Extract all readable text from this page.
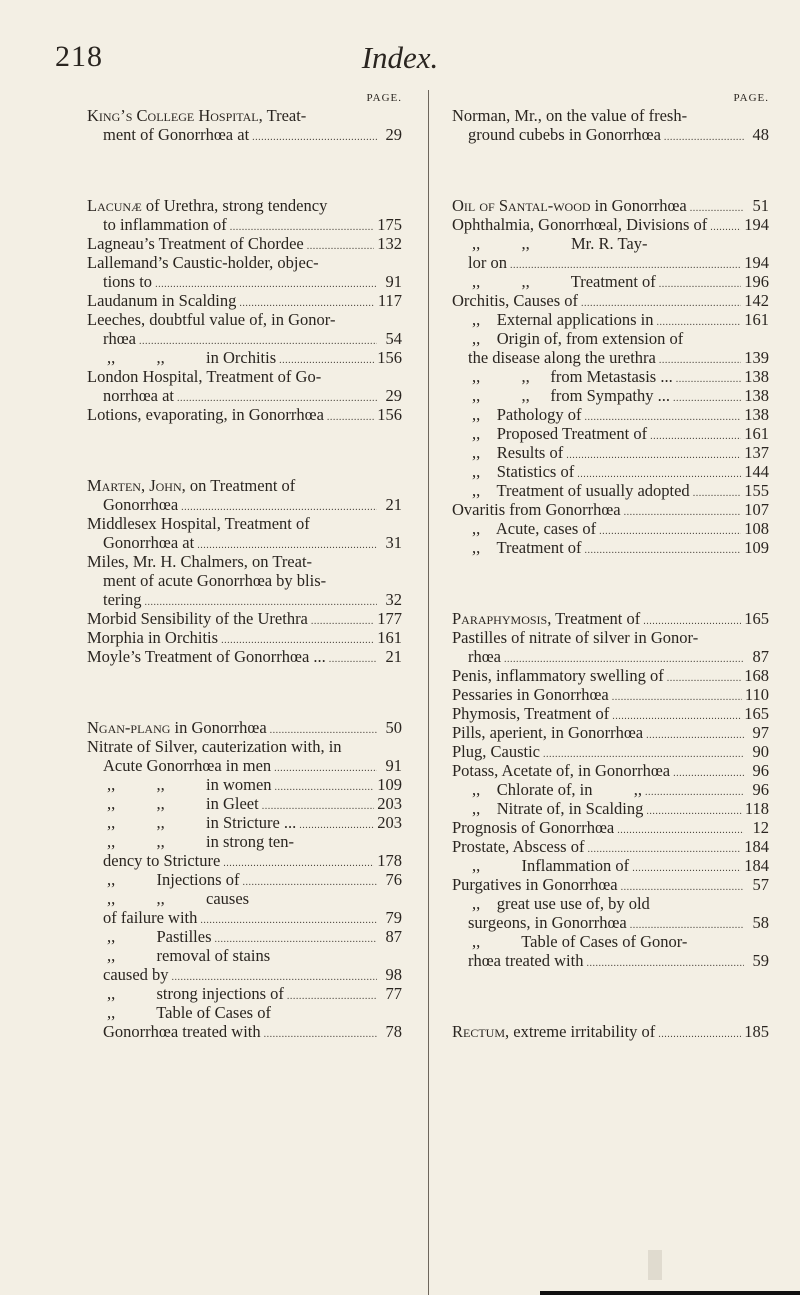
218	Index.
PAGE.
King’s College Hospital, Treat-
ment of Gonorrhœa at . . .	29
Lacunæ of Urethra, strong tendency
to inflammation of . . .	175
Lagneau’s Treatment of Chordee . . .	132
Lallemand’s Caustic-holder, objec-
tions to . . .	91
Laudanum in Scalding . . .	117
Leeches, doubtful value of, in Gonor-
rhœa . . .	54
,,          ,,          in Orchitis . . .	156
London Hospital, Treatment of Go-
norrhœa at . . .	29
Lotions, evaporating, in Gonorrhœa . . .	156
Marten, John, on Treatment of
Gonorrhœa . . .	21
Middlesex Hospital, Treatment of
Gonorrhœa at . . .	31
Miles, Mr. H. Chalmers, on Treat-
ment of acute Gonorrhœa by blis-
tering . . .	32
Morbid Sensibility of the Urethra . . .	177
Morphia in Orchitis . . .	161
Moyle’s Treatment of Gonorrhœa ... . . .	21
Ngan-plang in Gonorrhœa . . .	50
Nitrate of Silver, cauterization with, in
Acute Gonorrhœa in men . . .	91
,,          ,,          in women . . .	109
,,          ,,          in Gleet . . .	203
,,          ,,          in Stricture ... . . .	203
,,          ,,          in strong ten-
dency to Stricture . . .	178
,,          Injections of . . .	76
,,          ,,          causes
of failure with . . .	79
,,          Pastilles . . .	87
,,          removal of stains
caused by . . .	98
,,          strong injections of . . .	77
,,          Table of Cases of
Gonorrhœa treated with . . .	78
PAGE.
Norman, Mr., on the value of fresh-
ground cubebs in Gonorrhœa . . .	48
Oil of Santal-wood in Gonorrhœa . . .	51
Ophthalmia, Gonorrhœal, Divisions of . . . 194
,,          ,,          Mr. R. Tay-
lor on . . .	194
,,          ,,          Treatment of . . .	196
Orchitis, Causes of . . .	142
,,    External applications in . . .	161
,,    Origin of, from extension of
the disease along the urethra . . .	139
,,          ,,     from Metastasis ... . . .	138
,,          ,,     from Sympathy ... . . .	138
,,    Pathology of . . .	138
,,    Proposed Treatment of . . .	161
,,    Results of . . .	137
,,    Statistics of . . .	144
,,    Treatment of usually adopted . . .	155
Ovaritis from Gonorrhœa . . .	107
,,    Acute, cases of . . .	108
,,    Treatment of . . .	109
Paraphymosis, Treatment of . . .	165
Pastilles of nitrate of silver in Gonor-
rhœa . . .	87
Penis, inflammatory swelling of . . .	168
Pessaries in Gonorrhœa . . .	110
Phymosis, Treatment of . . .	165
Pills, aperient, in Gonorrhœa . . .	97
Plug, Caustic . . .	90
Potass, Acetate of, in Gonorrhœa . . .	96
,,    Chlorate of, in          ,, . . .	96
,,    Nitrate of, in Scalding . . .	118
Prognosis of Gonorrhœa . . .	12
Prostate, Abscess of . . .	184
,,          Inflammation of . . .	184
Purgatives in Gonorrhœa . . .	57
,,    great use use of, by old
surgeons, in Gonorrhœa . . .	58
,,          Table of Cases of Gonor-
rhœa treated with . . .	59
Rectum, extreme irritability of . . .	185
